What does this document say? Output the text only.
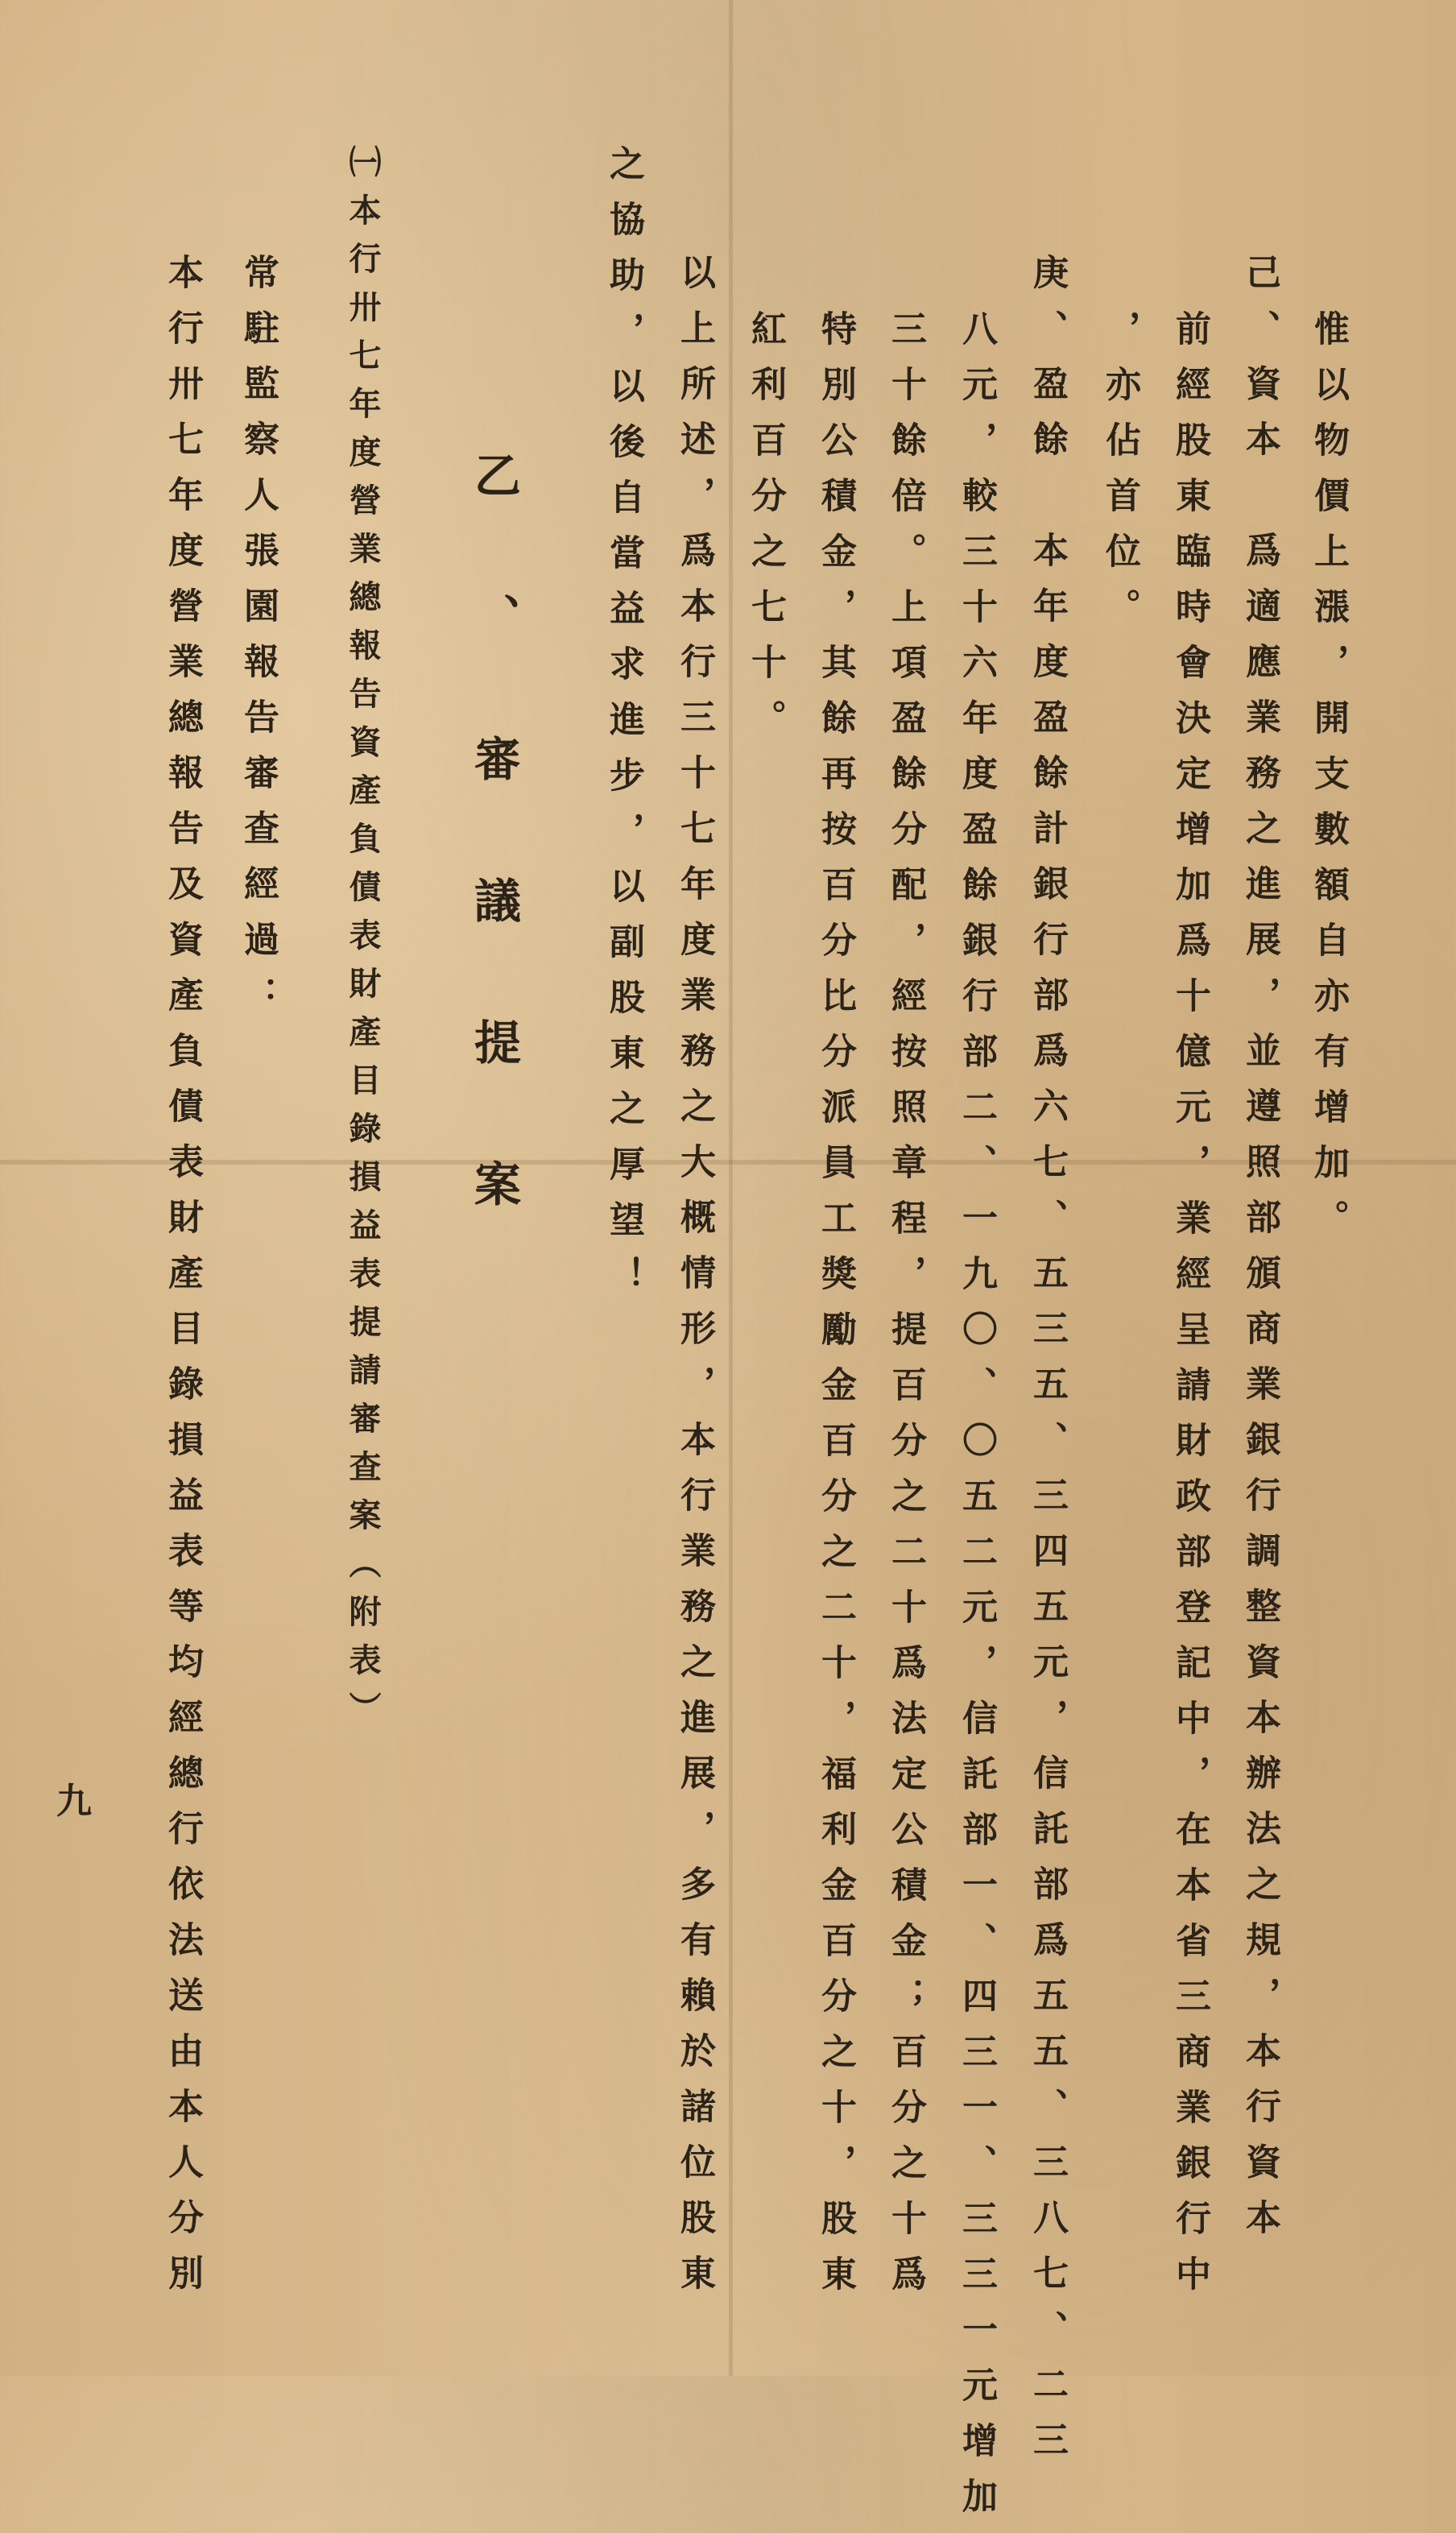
惟以物價上漲，開支數額自亦有增加。
己、資本　爲適應業務之進展，並遵照部頒商業銀行調整資本辦法之規，本行資本
前經股東臨時會決定增加爲十億元，業經呈請財政部登記中，在本省三商業銀行中
，亦佔首位。
庚、盈餘　本年度盈餘計銀行部爲六七、五三五、三四五元，信託部爲五五、三八七、二三
八元，較三十六年度盈餘銀行部二、一九〇、〇五二元，信託部一、四三一、三三一元增加
三十餘倍。上項盈餘分配，經按照章程，提百分之二十爲法定公積金；百分之十爲
特別公積金，其餘再按百分比分派員工獎勵金百分之二十，福利金百分之十，股東
紅利百分之七十。
以上所述，爲本行三十七年度業務之大概情形，本行業務之進展，多有賴於諸位股東
之協助，以後自當益求進步，以副股東之厚望！
乙、審議提案
㈠本行卅七年度營業總報告資產負債表財產目錄損益表提請審查案（附表）
常駐監察人張園報告審查經過：
本行卅七年度營業總報告及資產負債表財產目錄損益表等均經總行依法送由本人分別
九
